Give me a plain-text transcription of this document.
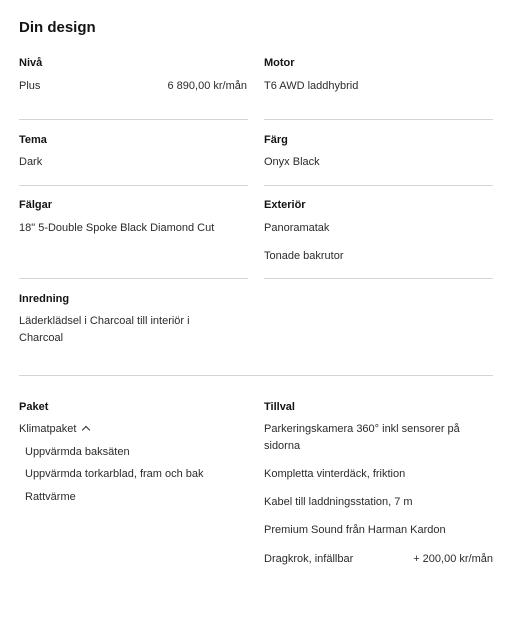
Din design
Nivå
Plus	6 890,00 kr/mån
Motor
T6 AWD laddhybrid
Tema
Dark
Färg
Onyx Black
Fälgar
18" 5-Double Spoke Black Diamond Cut
Exteriör
Panoramatak
Tonade bakrutor
Inredning
Läderklädsel i Charcoal till interiör i Charcoal
Paket
Klimatpaket
Uppvärmda baksäten
Uppvärmda torkarblad, fram och bak
Rattvärme
Tillval
Parkeringskamera 360° inkl sensorer på sidorna
Kompletta vinterdäck, friktion
Kabel till laddningsstation, 7 m
Premium Sound från Harman Kardon
Dragkrok, infällbar	+ 200,00 kr/mån
